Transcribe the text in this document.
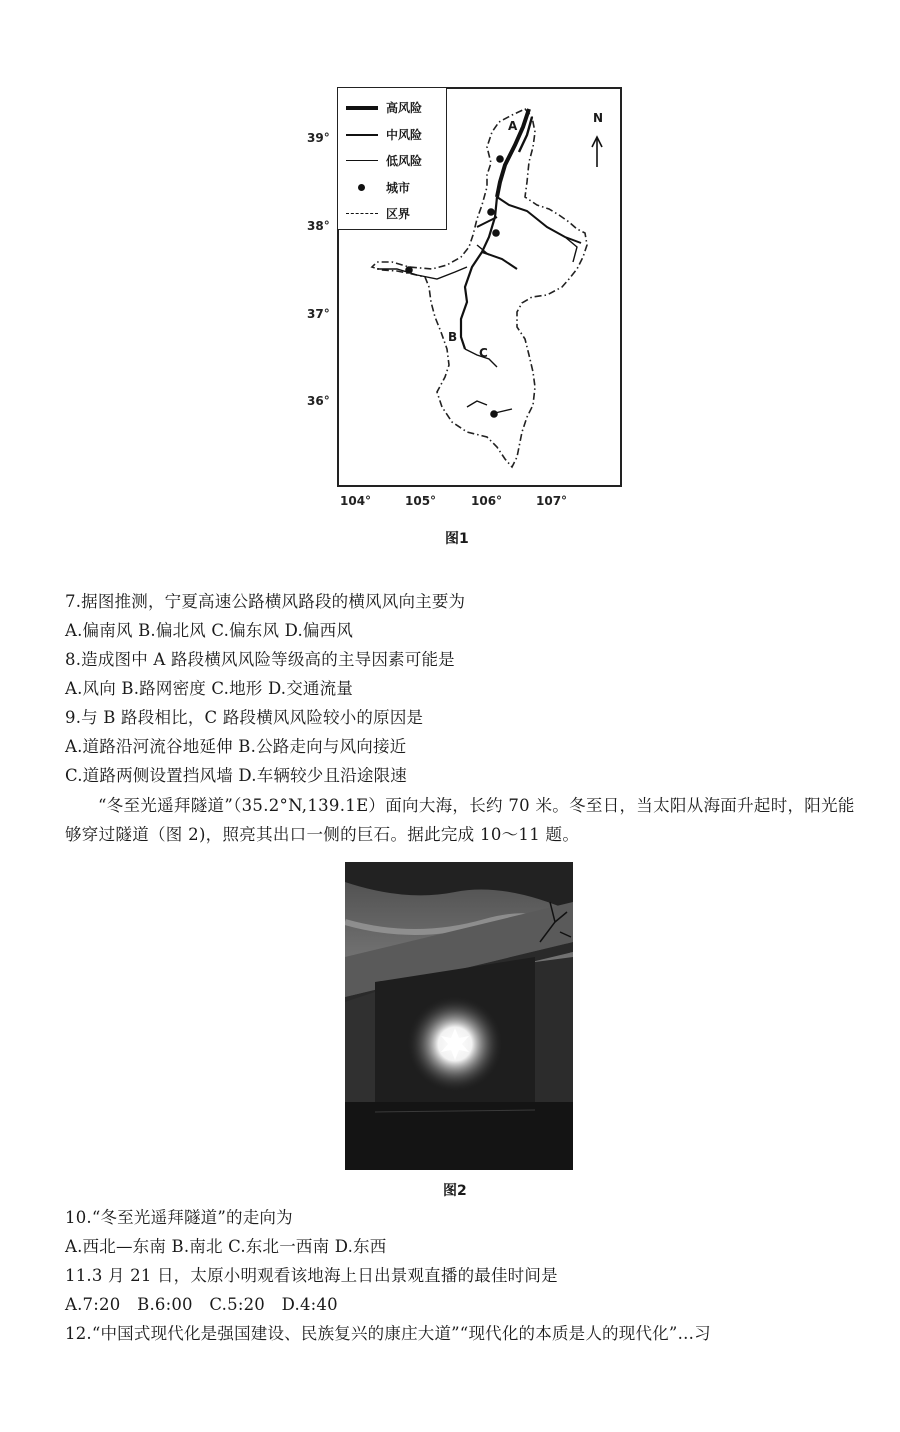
高风险
中风险
低风险
城市
区界
N
A
B
C
39°
38°
37°
36°
104°	105°	106°	107°
图1
7.据图推测，宁夏高速公路横风路段的横风风向主要为
A.偏南风 B.偏北风 C.偏东风 D.偏西风
8.造成图中 A 路段横风风险等级高的主导因素可能是
A.风向 B.路网密度 C.地形 D.交通流量
9.与 B 路段相比，C 路段横风风险较小的原因是
A.道路沿河流谷地延伸 B.公路走向与风向接近
C.道路两侧设置挡风墙 D.车辆较少且沿途限速
“冬至光遥拜隧道”（35.2°N,139.1E）面向大海，长约 70 米。冬至日，当太阳从海面升起时，阳光能够穿过隧道（图 2)，照亮其出口一侧的巨石。据此完成 10～11 题。
图2
10.“冬至光遥拜隧道”的走向为
A.西北—东南 B.南北 C.东北一西南 D.东西
11.3 月 21 日，太原小明观看该地海上日出景观直播的最佳时间是
A.7:20　B.6:00　C.5:20　D.4:40
12.“中国式现代化是强国建设、民族复兴的康庄大道”“现代化的本质是人的现代化”…习
